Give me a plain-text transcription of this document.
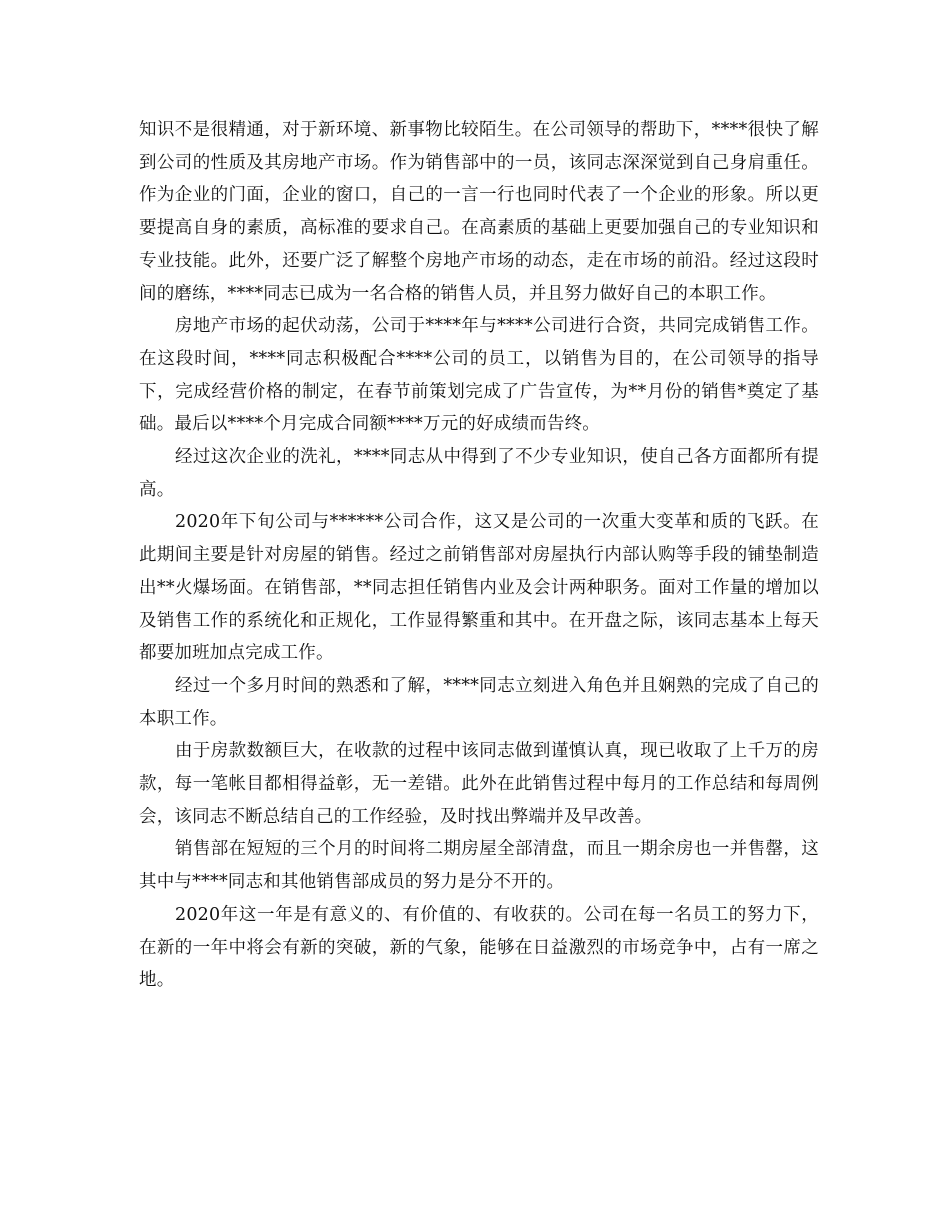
知识不是很精通，对于新环境、新事物比较陌生。在公司领导的帮助下，****很快了解到公司的性质及其房地产市场。作为销售部中的一员，该同志深深觉到自己身肩重任。作为企业的门面，企业的窗口，自己的一言一行也同时代表了一个企业的形象。所以更要提高自身的素质，高标准的要求自己。在高素质的基础上更要加强自己的专业知识和专业技能。此外，还要广泛了解整个房地产市场的动态，走在市场的前沿。经过这段时间的磨练，****同志已成为一名合格的销售人员，并且努力做好自己的本职工作。

房地产市场的起伏动荡，公司于****年与****公司进行合资，共同完成销售工作。在这段时间，****同志积极配合****公司的员工，以销售为目的，在公司领导的指导下，完成经营价格的制定，在春节前策划完成了广告宣传，为**月份的销售*奠定了基础。最后以****个月完成合同额****万元的好成绩而告终。

经过这次企业的洗礼，****同志从中得到了不少专业知识，使自己各方面都所有提高。

2020年下旬公司与******公司合作，这又是公司的一次重大变革和质的飞跃。在此期间主要是针对房屋的销售。经过之前销售部对房屋执行内部认购等手段的铺垫制造出**火爆场面。在销售部，**同志担任销售内业及会计两种职务。面对工作量的增加以及销售工作的系统化和正规化，工作显得繁重和其中。在开盘之际，该同志基本上每天都要加班加点完成工作。

经过一个多月时间的熟悉和了解，****同志立刻进入角色并且娴熟的完成了自己的本职工作。

由于房款数额巨大，在收款的过程中该同志做到谨慎认真，现已收取了上千万的房款，每一笔帐目都相得益彰，无一差错。此外在此销售过程中每月的工作总结和每周例会，该同志不断总结自己的工作经验，及时找出弊端并及早改善。

销售部在短短的三个月的时间将二期房屋全部清盘，而且一期余房也一并售罄，这其中与****同志和其他销售部成员的努力是分不开的。

2020年这一年是有意义的、有价值的、有收获的。公司在每一名员工的努力下，在新的一年中将会有新的突破，新的气象，能够在日益激烈的市场竞争中，占有一席之地。
